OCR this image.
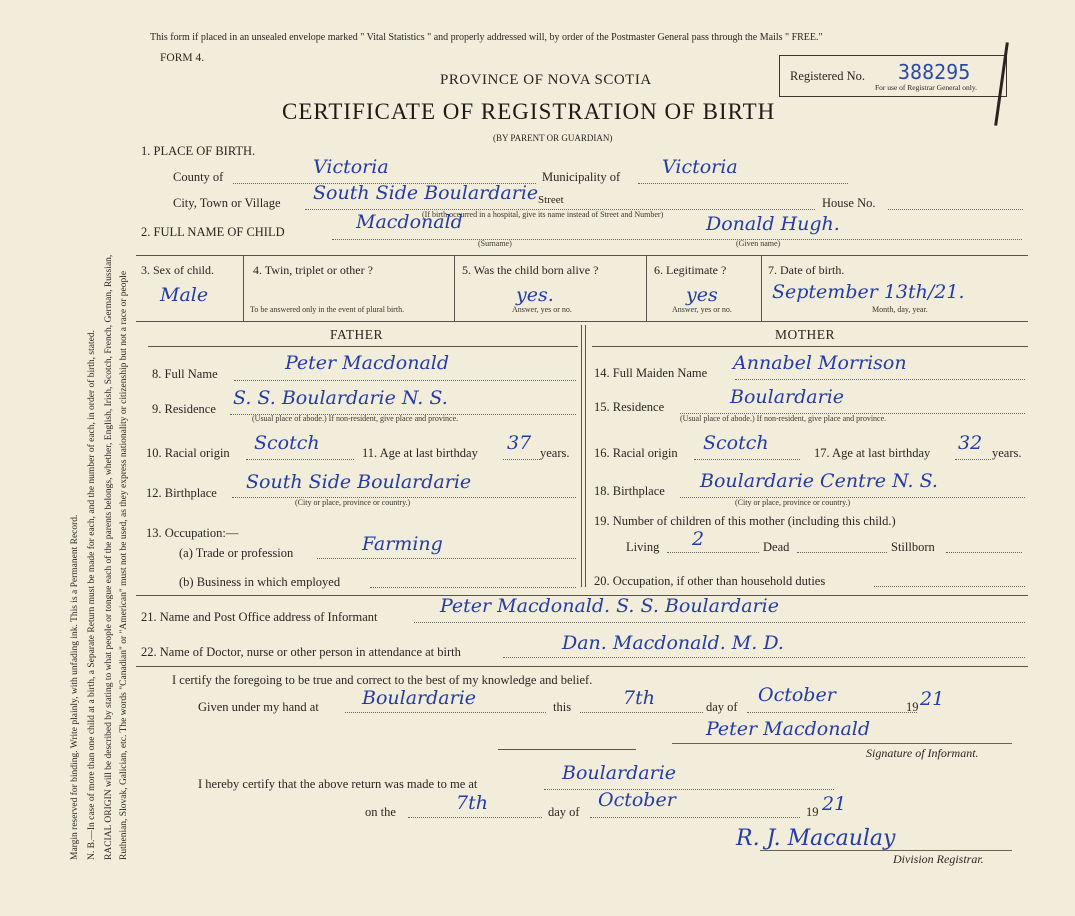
Margin reserved for binding. Write plainly, with unfading ink. This is a Permanent Record. N. B.—In case of more than one child at a birth, a Separate Return must be made for each, and the number of each, in order of birth, stated. RACIAL ORIGIN will be described by stating to what people or tongue each of the parents belongs, whether, English, Irish, Scotch, French, German, Russian, Ruthenian, Slovak, Galician, etc. The words "Canadian" or "American" must not be used, as they express nationality or citizenship but not a race or people
This form if placed in an unsealed envelope marked " Vital Statistics " and properly addressed will, by order of the Postmaster General pass through the Mails " FREE."
FORM 4.
PROVINCE OF NOVA SCOTIA
CERTIFICATE OF REGISTRATION OF BIRTH
(BY PARENT OR GUARDIAN)
Registered No. 388295
For use of Registrar General only.
1. PLACE OF BIRTH.
County of	Victoria	Municipality of Victoria
City, Town or Village South Side Boulardarie Street	House No.
(If birth occurred in a hospital, give its name instead of Street and Number)
2. FULL NAME OF CHILD	Macdonald
(Surname)
Donald Hugh.
(Given name)
3. Sex of child.
Male
4. Twin, triplet or other ?
To be answered only in the event of plural birth.
5. Was the child born alive ?
yes.
Answer, yes or no.
6. Legitimate ?
yes
Answer, yes or no.
7. Date of birth.
September 13th/21.
Month, day, year.
FATHER	MOTHER
8. Full Name	Peter Macdonald
9. Residence S. S. Boulardarie N. S.
(Usual place of abode.) If non-resident, give place and province.
10. Racial origin Scotch	11. Age at last birthday 37 years.
12. Birthplace South Side Boulardarie
(City or place, province or country.)
13. Occupation:—
(a) Trade or profession	Farming
(b) Business in which employed
14. Full Maiden Name Annabel Morrison
15. Residence	Boulardarie
(Usual place of abode.) If non-resident, give place and province.
16. Racial origin Scotch	17. Age at last birthday 32 years.
18. Birthplace Boulardarie Centre N. S.
(City or place, province or country.)
19. Number of children of this mother (including this child.)
Living 2	Dead	Stillborn
20. Occupation, if other than household duties
21. Name and Post Office address of Informant	Peter Macdonald. S. S. Boulardarie
22. Name of Doctor, nurse or other person in attendance at birth	Dan. Macdonald. M. D.
I certify the foregoing to be true and correct to the best of my knowledge and belief.
Given under my hand at Boulardarie	this	7th	day of
October
19 21
Peter Macdonald
Signature of Informant.
I hereby certify that the above return was made to me at	Boulardarie
on the	7th	day of
October
19 21
R. J. Macaulay
Division Registrar.
